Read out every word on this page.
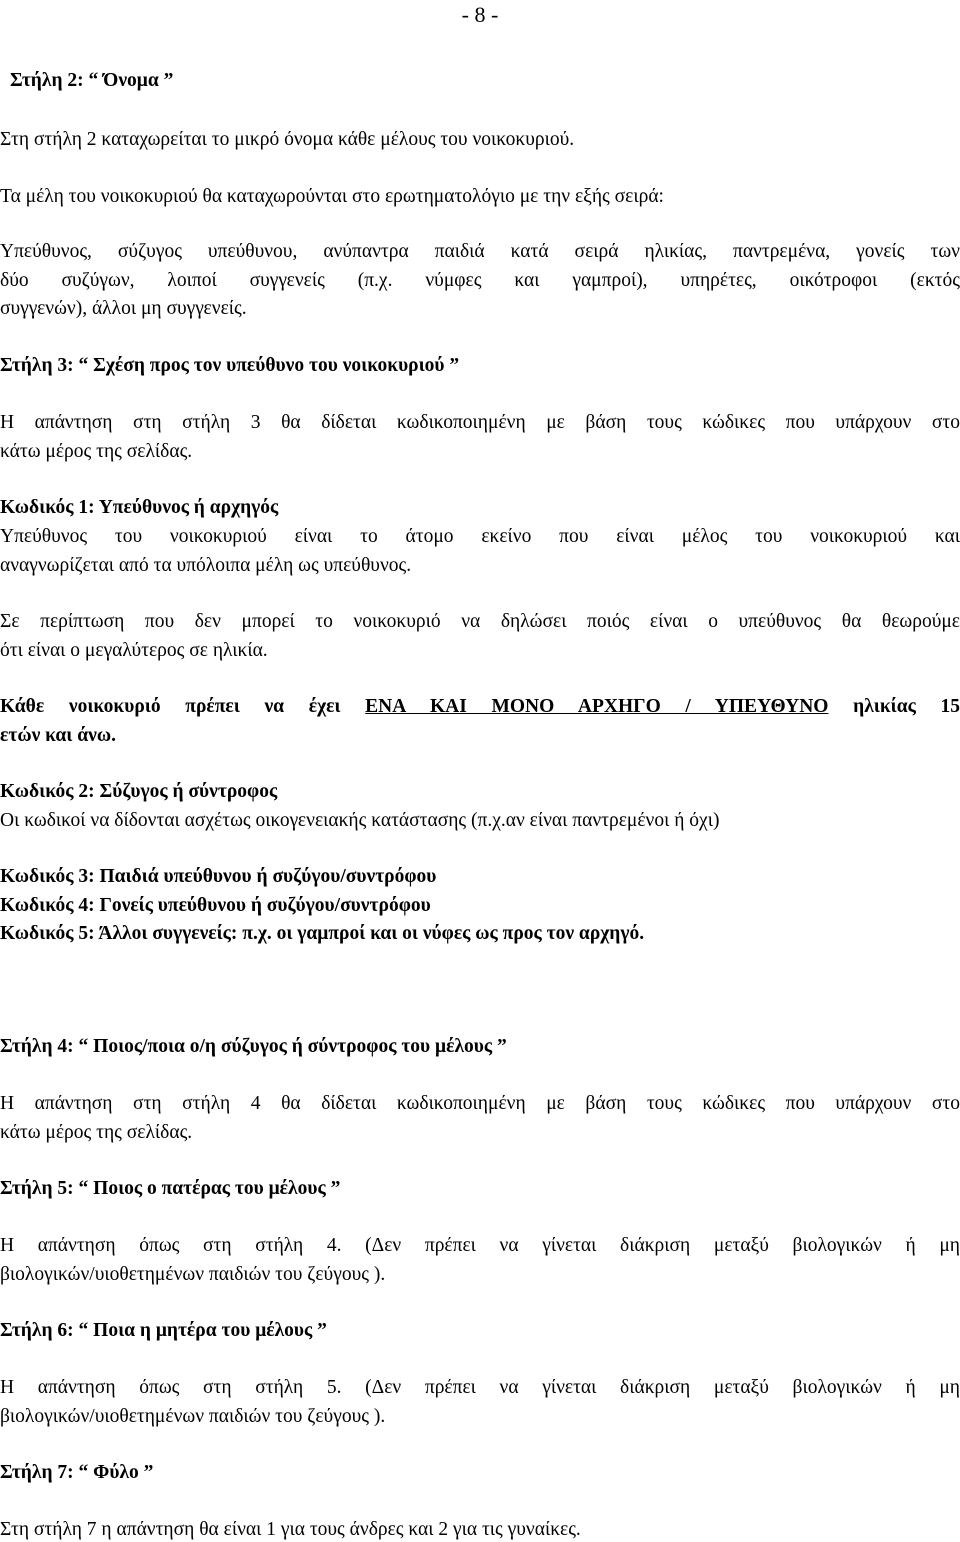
- 8 -
Στήλη 2: “ Όνομα ”
Στη στήλη 2 καταχωρείται το μικρό όνομα κάθε μέλους του νοικοκυριού.
Τα μέλη του νοικοκυριού θα καταχωρούνται στο ερωτηματολόγιο με την εξής σειρά:
Υπεύθυνος, σύζυγος υπεύθυνου, ανύπαντρα παιδιά κατά σειρά ηλικίας, παντρεμένα, γονείς των
δύο συζύγων, λοιποί συγγενείς (π.χ. νύμφες και γαμπροί), υπηρέτες, οικότροφοι (εκτός
συγγενών), άλλοι μη συγγενείς.
Στήλη 3: “ Σχέση προς τον υπεύθυνο του νοικοκυριού ”
Η απάντηση στη στήλη 3 θα δίδεται κωδικοποιημένη με βάση τους κώδικες που υπάρχουν στο
κάτω μέρος της σελίδας.
Κωδικός 1: Υπεύθυνος ή αρχηγός
Υπεύθυνος του νοικοκυριού είναι το άτομο εκείνο που είναι μέλος του νοικοκυριού και
αναγνωρίζεται από τα υπόλοιπα μέλη ως υπεύθυνος.
Σε περίπτωση που δεν μπορεί το νοικοκυριό να δηλώσει ποιός είναι ο υπεύθυνος θα θεωρούμε
ότι είναι ο μεγαλύτερος σε ηλικία.
Κάθε νοικοκυριό πρέπει να έχει ΕΝΑ ΚΑΙ ΜΟΝΟ ΑΡΧΗΓΟ / ΥΠΕΥΘΥΝΟ ηλικίας 15
ετών και άνω.
Κωδικός 2: Σύζυγος ή σύντροφος
Οι κωδικοί να δίδονται ασχέτως οικογενειακής κατάστασης (π.χ.αν είναι παντρεμένοι ή όχι)
Κωδικός 3: Παιδιά υπεύθυνου ή συζύγου/συντρόφου
Κωδικός 4: Γονείς υπεύθυνου ή συζύγου/συντρόφου
Κωδικός 5: Άλλοι συγγενείς: π.χ. οι γαμπροί και οι νύφες ως προς τον αρχηγό.
Στήλη 4: “ Ποιος/ποια ο/η σύζυγος ή σύντροφος του μέλους ”
Η απάντηση στη στήλη 4 θα δίδεται κωδικοποιημένη με βάση τους κώδικες που υπάρχουν στο
κάτω μέρος της σελίδας.
Στήλη 5: “ Ποιος ο πατέρας του μέλους ”
Η απάντηση όπως στη στήλη 4. (Δεν πρέπει να γίνεται διάκριση μεταξύ βιολογικών ή μη
βιολογικών/υιοθετημένων παιδιών του ζεύγους ).
Στήλη 6: “ Ποια η μητέρα του μέλους ”
Η απάντηση όπως στη στήλη 5. (Δεν πρέπει να γίνεται διάκριση μεταξύ βιολογικών ή μη
βιολογικών/υιοθετημένων παιδιών του ζεύγους ).
Στήλη 7: “ Φύλο ”
Στη στήλη 7 η απάντηση θα είναι 1 για τους άνδρες και 2 για τις γυναίκες.
